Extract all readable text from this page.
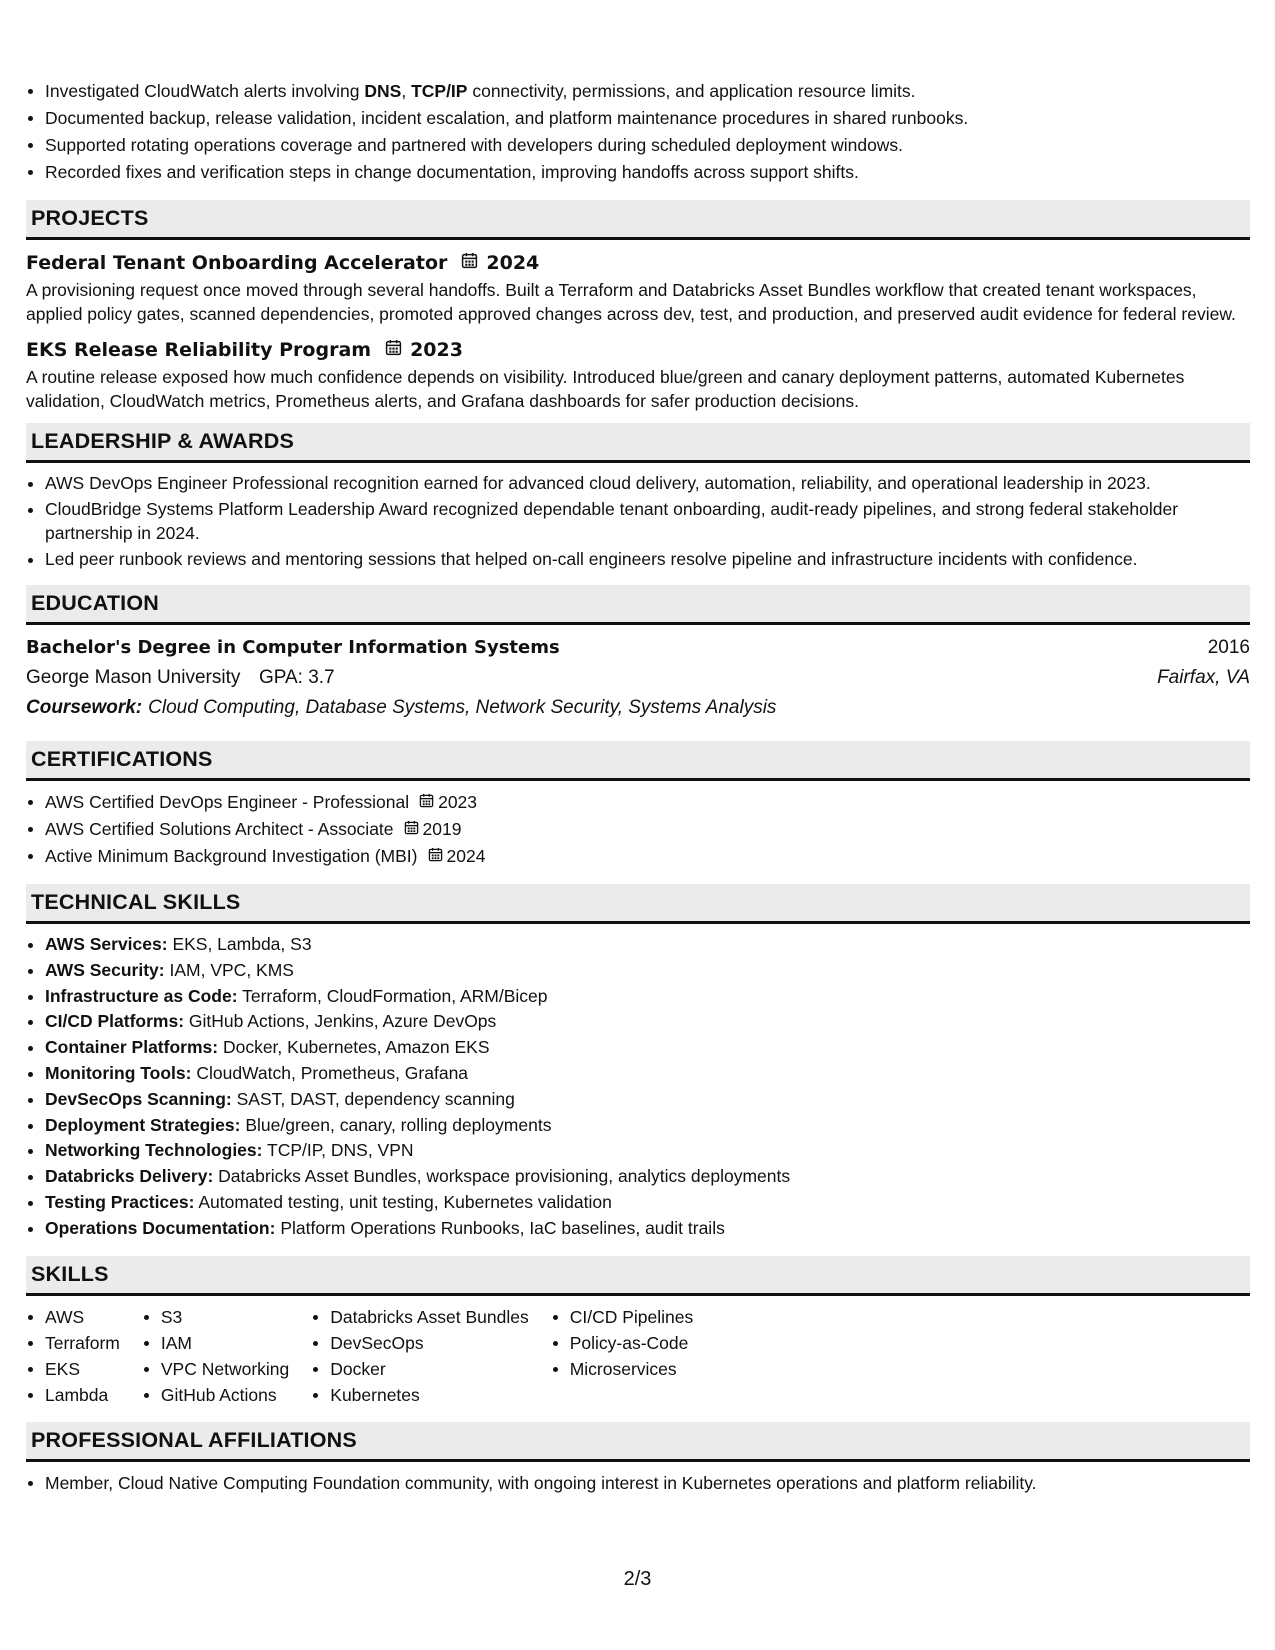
Investigated CloudWatch alerts involving DNS, TCP/IP connectivity, permissions, and application resource limits.
Documented backup, release validation, incident escalation, and platform maintenance procedures in shared runbooks.
Supported rotating operations coverage and partnered with developers during scheduled deployment windows.
Recorded fixes and verification steps in change documentation, improving handoffs across support shifts.
PROJECTS
Federal Tenant Onboarding Accelerator 2024
A provisioning request once moved through several handoffs. Built a Terraform and Databricks Asset Bundles workflow that created tenant workspaces, applied policy gates, scanned dependencies, promoted approved changes across dev, test, and production, and preserved audit evidence for federal review.
EKS Release Reliability Program 2023
A routine release exposed how much confidence depends on visibility. Introduced blue/green and canary deployment patterns, automated Kubernetes validation, CloudWatch metrics, Prometheus alerts, and Grafana dashboards for safer production decisions.
LEADERSHIP & AWARDS
AWS DevOps Engineer Professional recognition earned for advanced cloud delivery, automation, reliability, and operational leadership in 2023.
CloudBridge Systems Platform Leadership Award recognized dependable tenant onboarding, audit-ready pipelines, and strong federal stakeholder partnership in 2024.
Led peer runbook reviews and mentoring sessions that helped on-call engineers resolve pipeline and infrastructure incidents with confidence.
EDUCATION
Bachelor's Degree in Computer Information Systems	2016
George Mason University GPA: 3.7	Fairfax, VA
Coursework: Cloud Computing, Database Systems, Network Security, Systems Analysis
CERTIFICATIONS
AWS Certified DevOps Engineer - Professional 2023
AWS Certified Solutions Architect - Associate 2019
Active Minimum Background Investigation (MBI) 2024
TECHNICAL SKILLS
AWS Services: EKS, Lambda, S3
AWS Security: IAM, VPC, KMS
Infrastructure as Code: Terraform, CloudFormation, ARM/Bicep
CI/CD Platforms: GitHub Actions, Jenkins, Azure DevOps
Container Platforms: Docker, Kubernetes, Amazon EKS
Monitoring Tools: CloudWatch, Prometheus, Grafana
DevSecOps Scanning: SAST, DAST, dependency scanning
Deployment Strategies: Blue/green, canary, rolling deployments
Networking Technologies: TCP/IP, DNS, VPN
Databricks Delivery: Databricks Asset Bundles, workspace provisioning, analytics deployments
Testing Practices: Automated testing, unit testing, Kubernetes validation
Operations Documentation: Platform Operations Runbooks, IaC baselines, audit trails
SKILLS
AWS
Terraform
EKS
Lambda
S3
IAM
VPC Networking
GitHub Actions
Databricks Asset Bundles
DevSecOps
Docker
Kubernetes
CI/CD Pipelines
Policy-as-Code
Microservices
PROFESSIONAL AFFILIATIONS
Member, Cloud Native Computing Foundation community, with ongoing interest in Kubernetes operations and platform reliability.
2/3
